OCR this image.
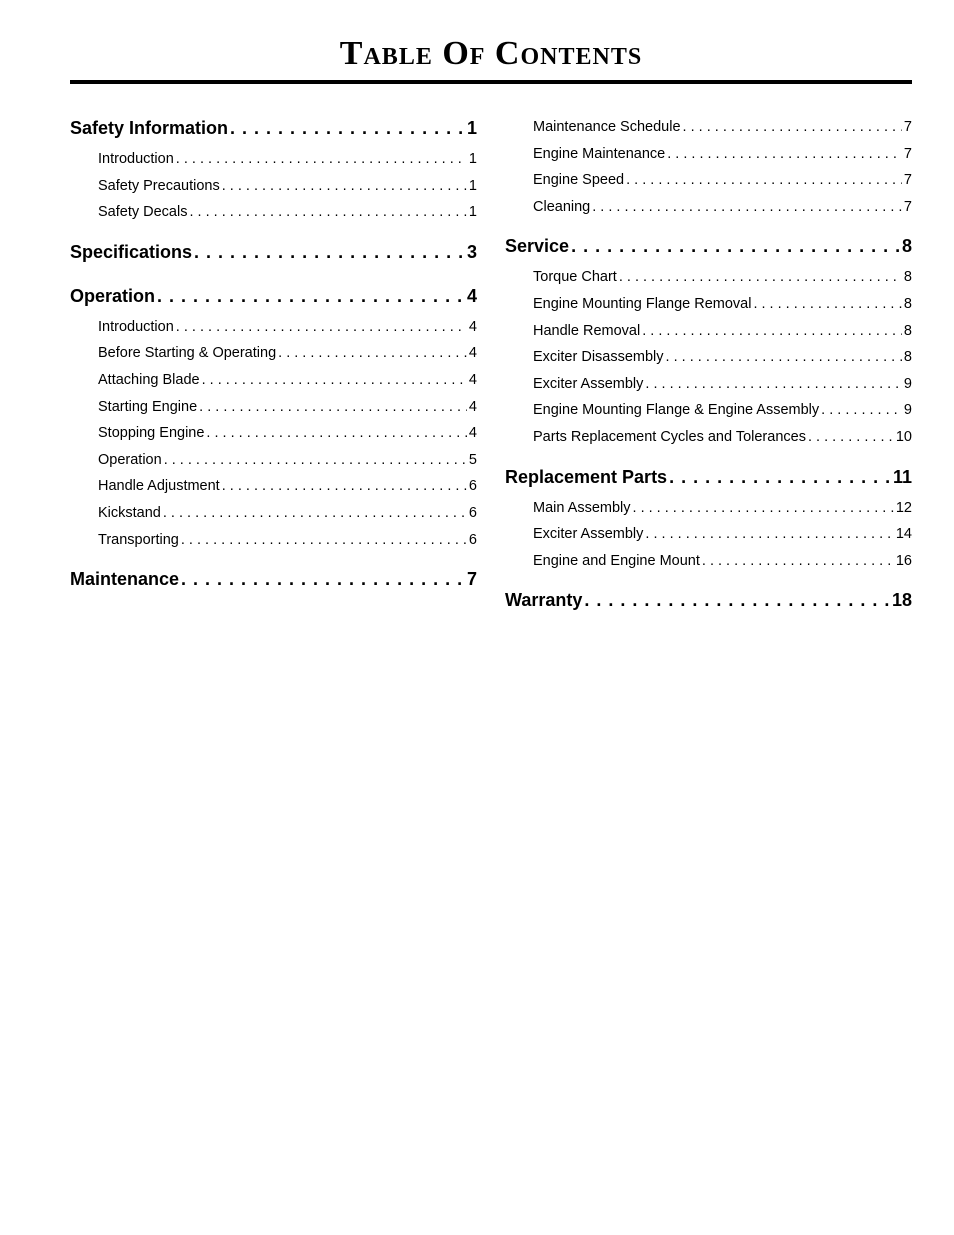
Table Of Contents
Safety Information . . .	1
Introduction . . .	1
Safety Precautions . . .	1
Safety Decals . . .	1
Specifications . . .	3
Operation . . .	4
Introduction . . .	4
Before Starting & Operating . . .	4
Attaching Blade . . .	4
Starting Engine . . .	4
Stopping Engine . . .	4
Operation . . .	5
Handle Adjustment . . .	6
Kickstand . . .	6
Transporting . . .	6
Maintenance . . .	7
Maintenance Schedule . . .	7
Engine Maintenance . . .	7
Engine Speed . . .	7
Cleaning . . .	7
Service . . .	8
Torque Chart . . .	8
Engine Mounting Flange Removal . . .	8
Handle Removal . . .	8
Exciter Disassembly . . .	8
Exciter Assembly . . .	9
Engine Mounting Flange & Engine Assembly . . .	9
Parts Replacement Cycles and Tolerances . . .	10
Replacement Parts . . .	11
Main Assembly . . .	12
Exciter Assembly . . .	14
Engine and Engine Mount . . .	16
Warranty . . .	18
